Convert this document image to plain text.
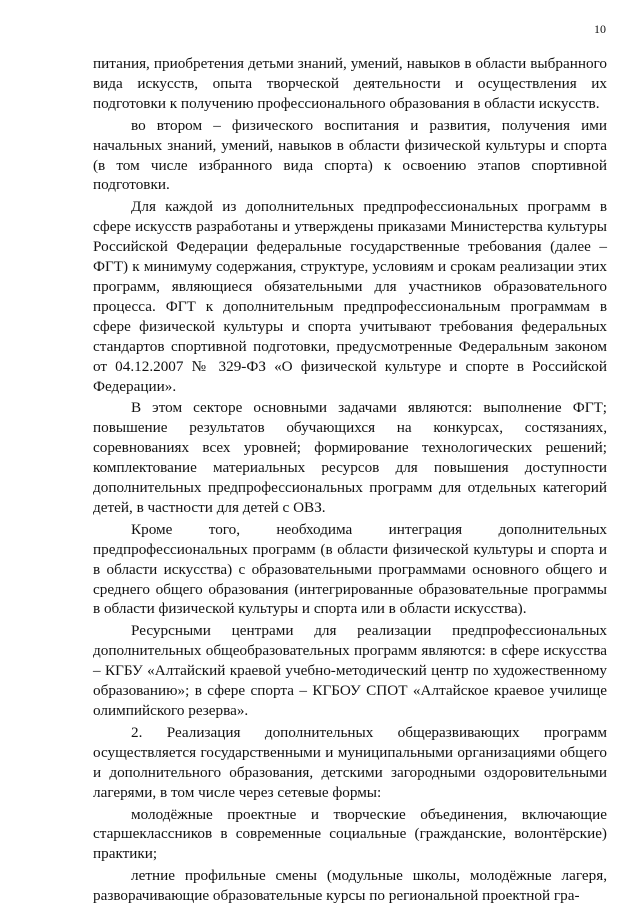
10

питания, приобретения детьми знаний, умений, навыков в области выбранного вида искусств, опыта творческой деятельности и осуществления их подготовки к получению профессионального образования в области искусств.

во втором – физического воспитания и развития, получения ими начальных знаний, умений, навыков в области физической культуры и спорта (в том числе избранного вида спорта) к освоению этапов спортивной подготовки.

Для каждой из дополнительных предпрофессиональных программ в сфере искусств разработаны и утверждены приказами Министерства культуры Российской Федерации федеральные государственные требования (далее – ФГТ) к минимуму содержания, структуре, условиям и срокам реализации этих программ, являющиеся обязательными для участников образовательного процесса. ФГТ к дополнительным предпрофессиональным программам в сфере физической культуры и спорта учитывают требования федеральных стандартов спортивной подготовки, предусмотренные Федеральным законом от 04.12.2007 № 329-ФЗ «О физической культуре и спорте в Российской Федерации».

В этом секторе основными задачами являются: выполнение ФГТ; повышение результатов обучающихся на конкурсах, состязаниях, соревнованиях всех уровней; формирование технологических решений; комплектование материальных ресурсов для повышения доступности дополнительных предпрофессиональных программ для отдельных категорий детей, в частности для детей с ОВЗ.

Кроме того, необходима интеграция дополнительных предпрофессиональных программ (в области физической культуры и спорта и в области искусства) с образовательными программами основного общего и среднего общего образования (интегрированные образовательные программы в области физической культуры и спорта или в области искусства).

Ресурсными центрами для реализации предпрофессиональных дополнительных общеобразовательных программ являются: в сфере искусства – КГБУ «Алтайский краевой учебно-методический центр по художественному образованию»; в сфере спорта – КГБОУ СПОТ «Алтайское краевое училище олимпийского резерва».

2. Реализация дополнительных общеразвивающих программ осуществляется государственными и муниципальными организациями общего и дополнительного образования, детскими загородными оздоровительными лагерями, в том числе через сетевые формы:

молодёжные проектные и творческие объединения, включающие старшеклассников в современные социальные (гражданские, волонтёрские) практики;

летние профильные смены (модульные школы, молодёжные лагеря, разворачивающие образовательные курсы по региональной проектной гра-
